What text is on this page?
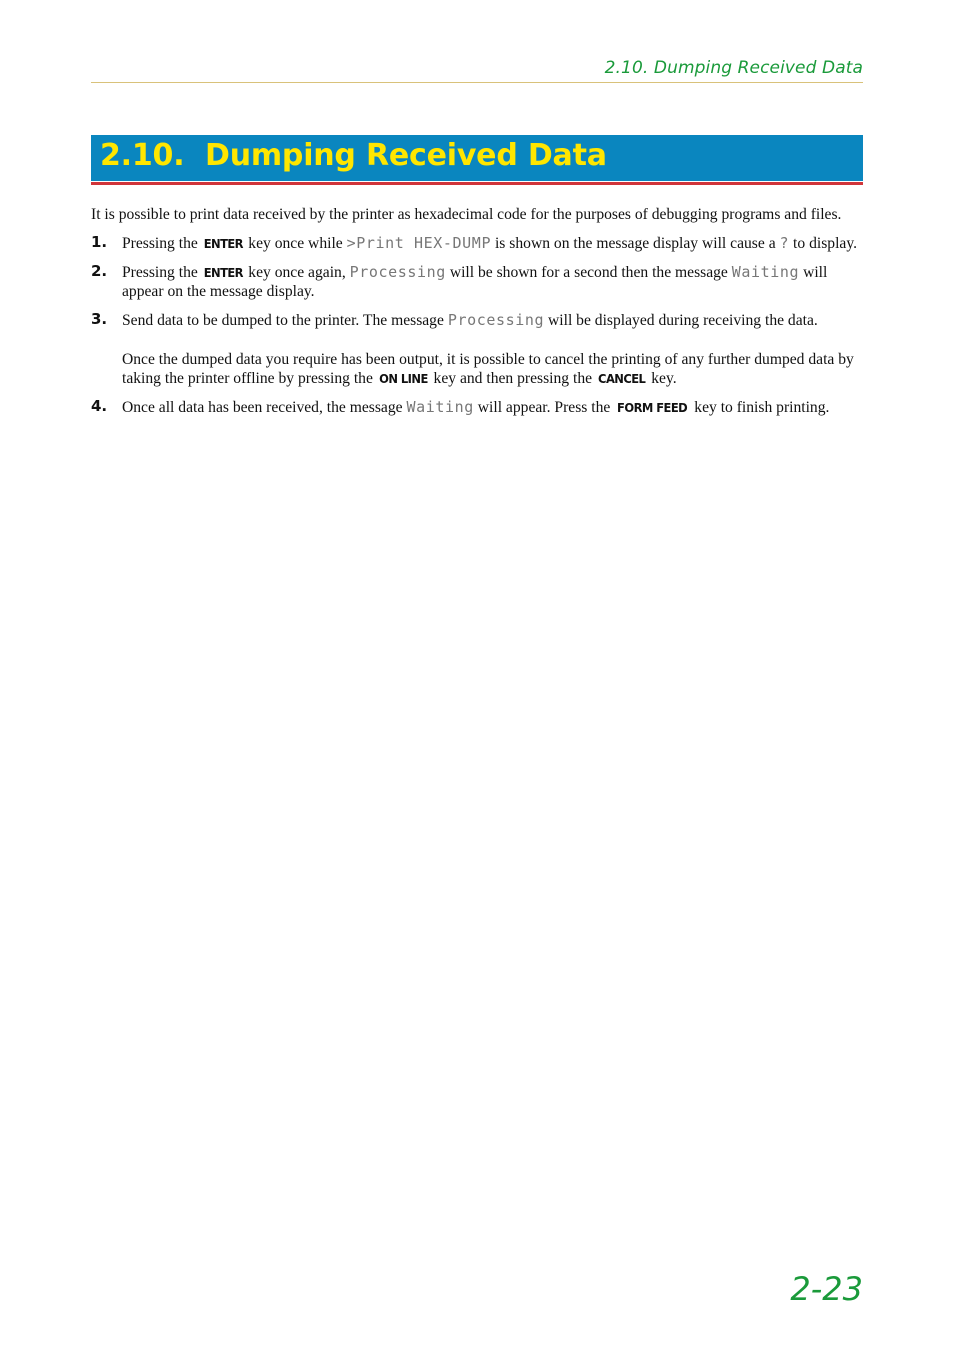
2.10. Dumping Received Data
2.10. Dumping Received Data

It is possible to print data received by the printer as hexadecimal code for the purposes of debugging programs and files.

1. Pressing the ENTER key once while >Print HEX-DUMP is shown on the message display will cause a ? to display.

2. Pressing the ENTER key once again, Processing will be shown for a second then the message Waiting will appear on the message display.

3. Send data to be dumped to the printer. The message Processing will be displayed during receiving the data.

Once the dumped data you require has been output, it is possible to cancel the printing of any further dumped data by taking the printer offline by pressing the ON LINE key and then pressing the CANCEL key.

4. Once all data has been received, the message Waiting will appear. Press the FORM FEED key to finish printing.

2-23
